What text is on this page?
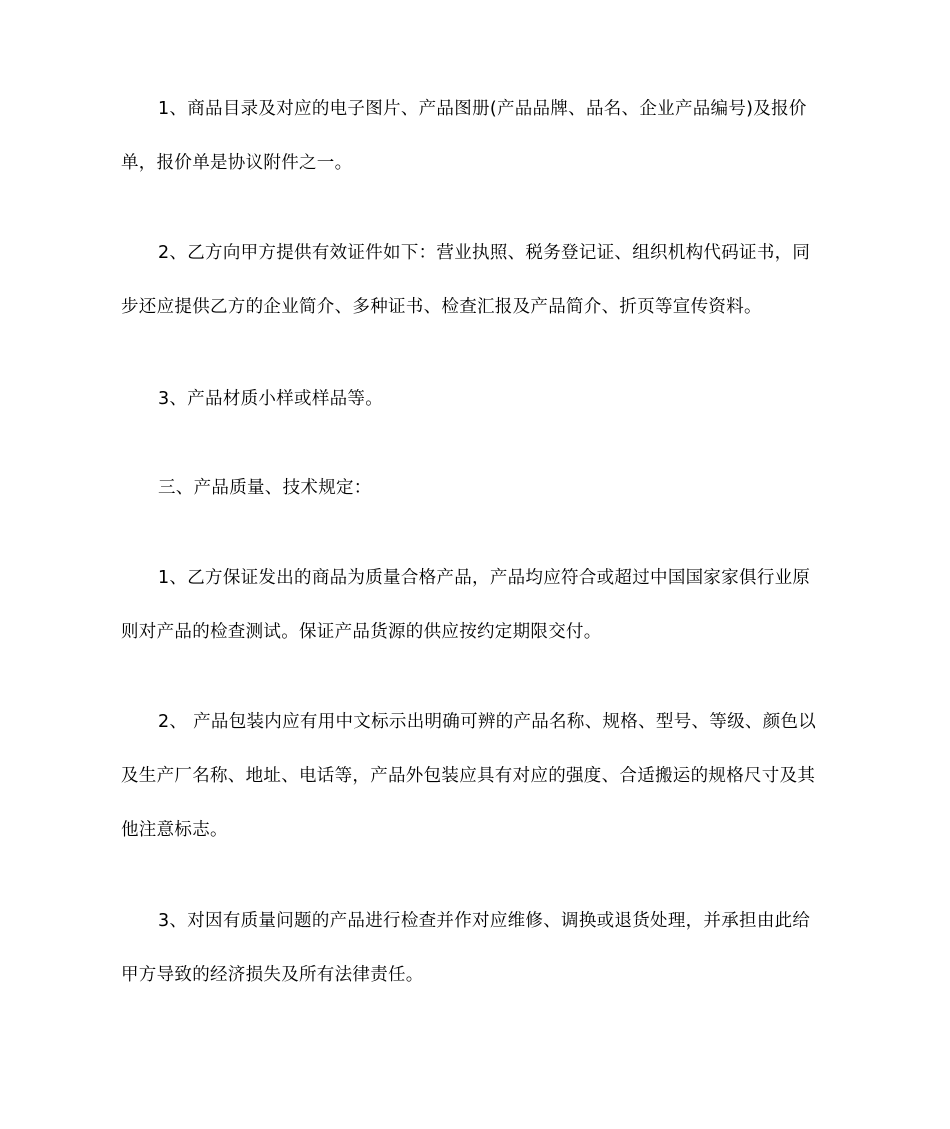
1、商品目录及对应的电子图片、产品图册(产品品牌、品名、企业产品编号)及报价
单，报价单是协议附件之一。

2、乙方向甲方提供有效证件如下：营业执照、税务登记证、组织机构代码证书，同
步还应提供乙方的企业简介、多种证书、检查汇报及产品简介、折页等宣传资料。

3、产品材质小样或样品等。

三、产品质量、技术规定：

1、乙方保证发出的商品为质量合格产品，产品均应符合或超过中国国家家俱行业原
则对产品的检查测试。保证产品货源的供应按约定期限交付。

2、 产品包装内应有用中文标示出明确可辨的产品名称、规格、型号、等级、颜色以
及生产厂名称、地址、电话等，产品外包装应具有对应的强度、合适搬运的规格尺寸及其
他注意标志。

3、对因有质量问题的产品进行检查并作对应维修、调换或退货处理，并承担由此给
甲方导致的经济损失及所有法律责任。
